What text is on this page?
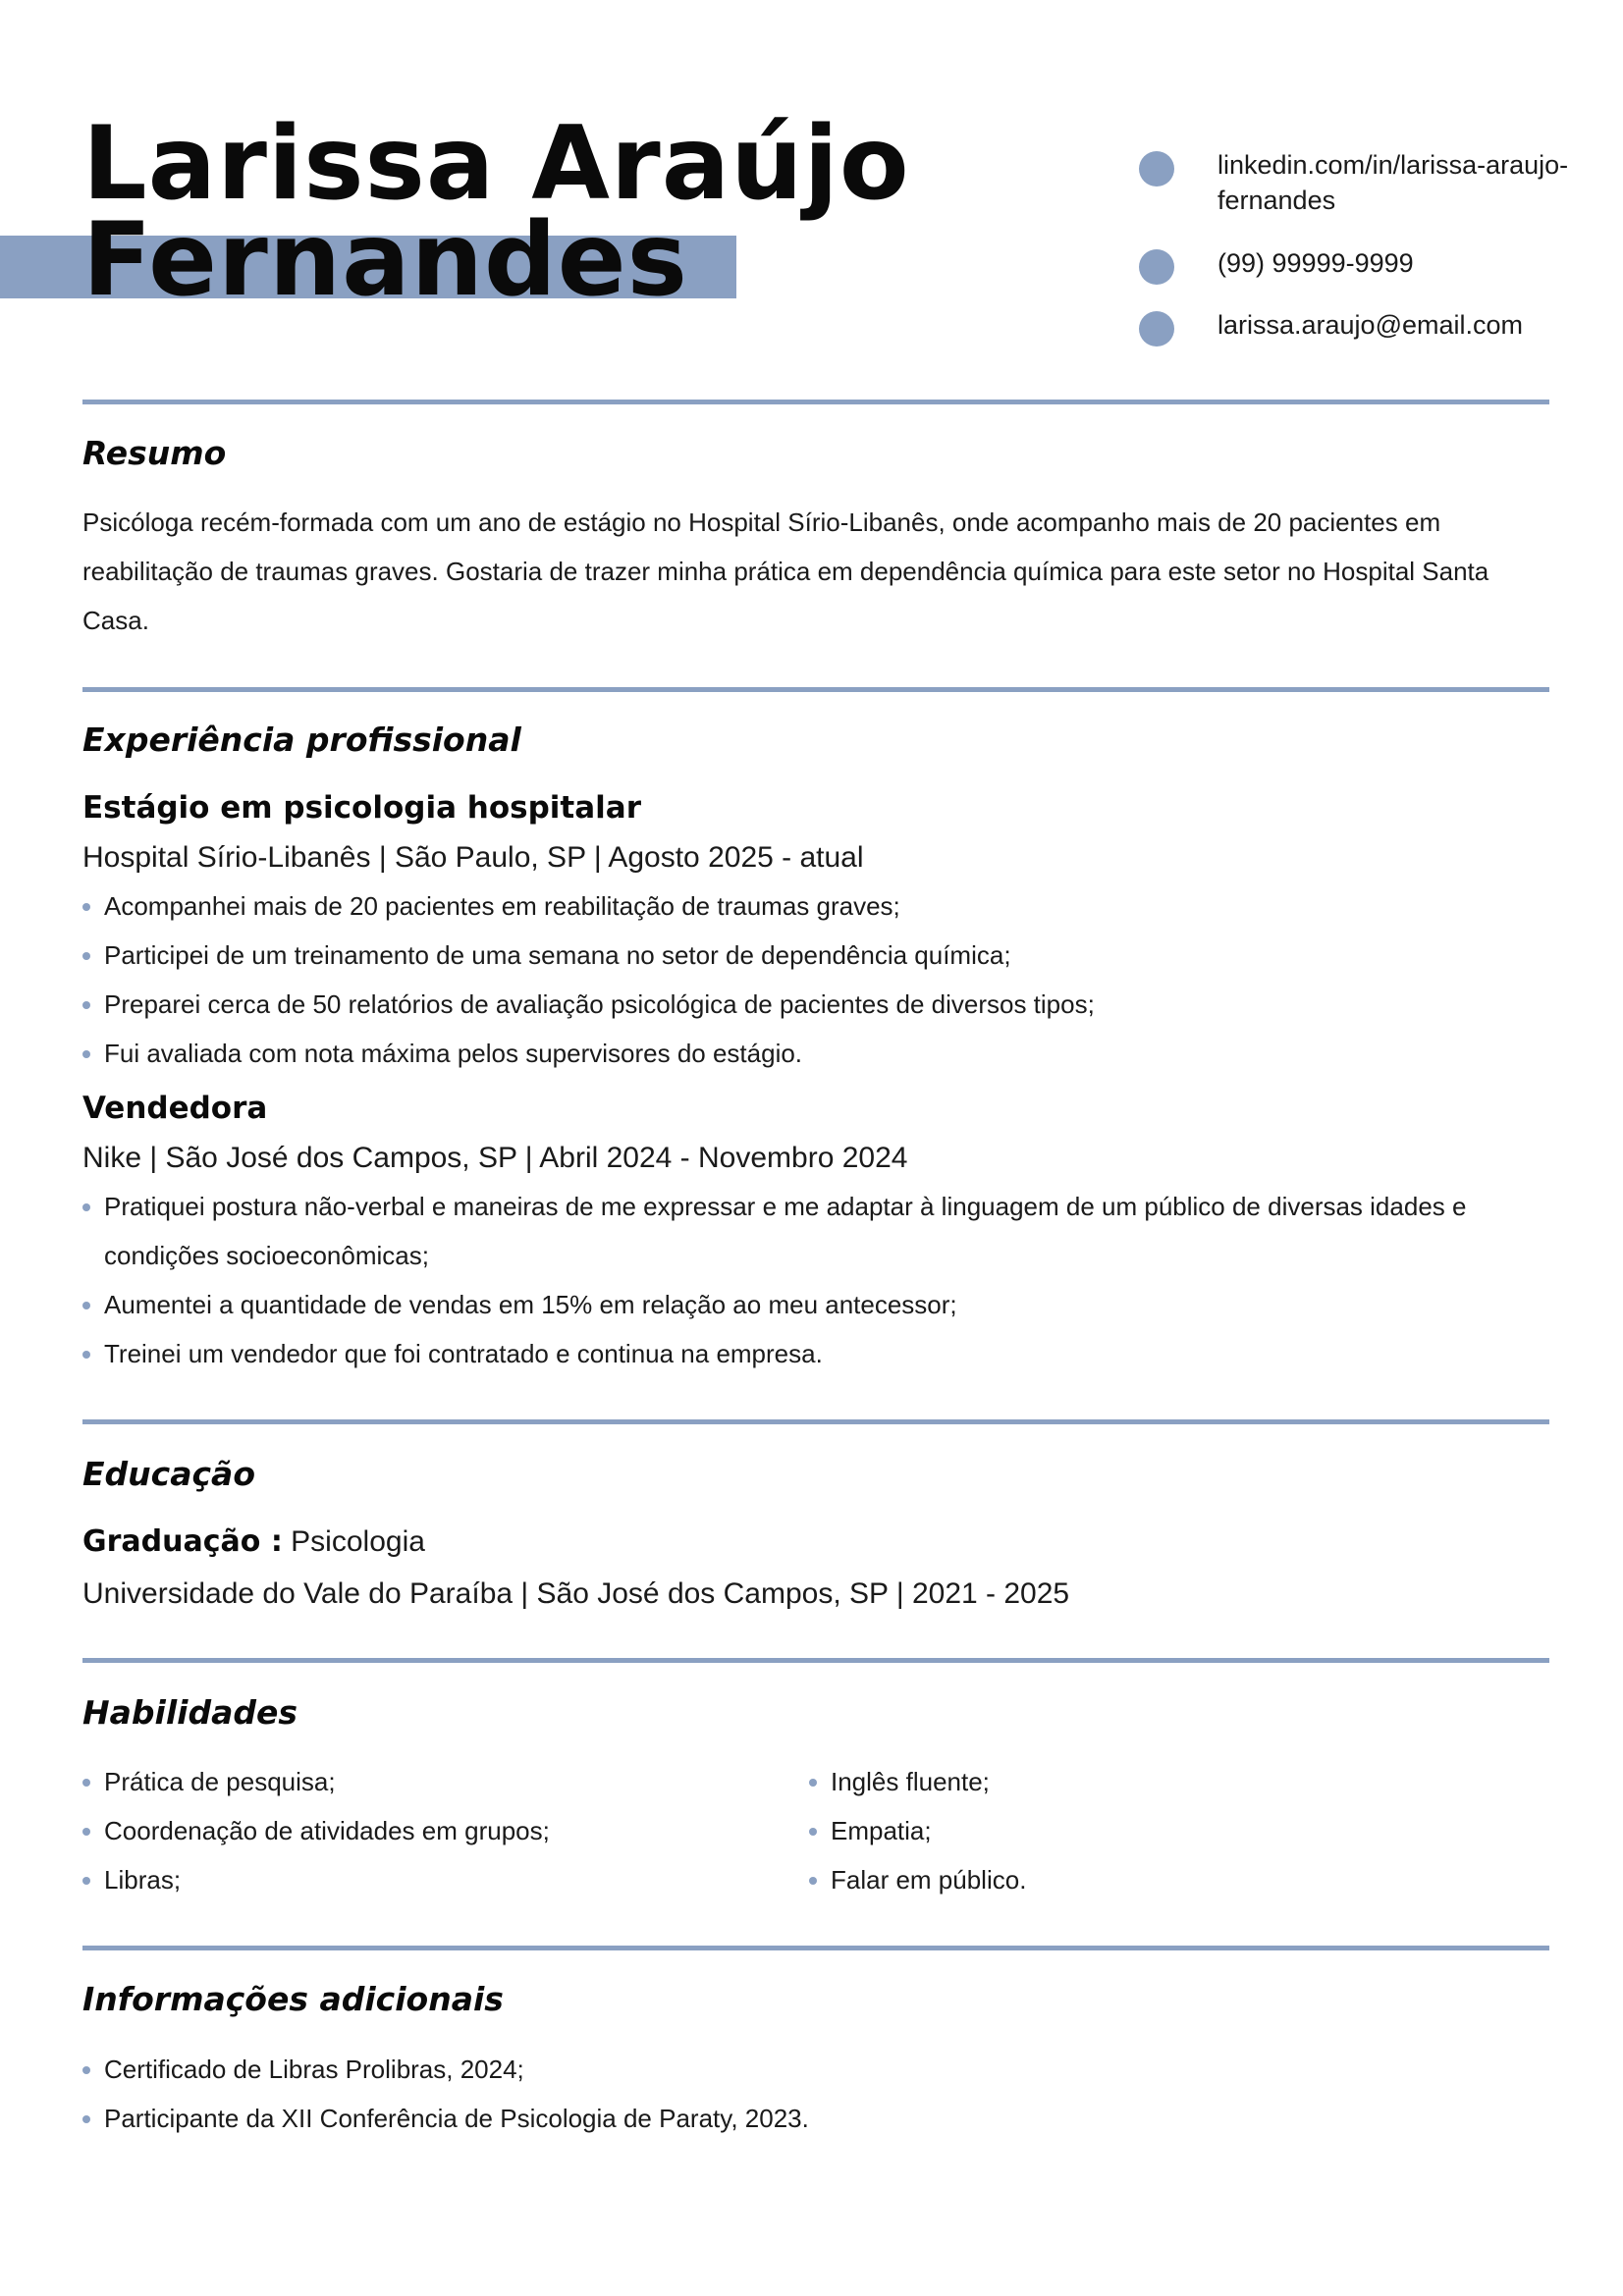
Larissa Araújo
Fernandes
linkedin.com/in/larissa-araujo-fernandes
(99) 99999-9999
larissa.araujo@email.com
Resumo

Psicóloga recém-formada com um ano de estágio no Hospital Sírio-Libanês, onde acompanho mais de 20 pacientes em reabilitação de traumas graves. Gostaria de trazer minha prática em dependência química para este setor no Hospital Santa Casa.

Experiência profissional
Estágio em psicologia hospitalar
Hospital Sírio-Libanês | São Paulo, SP | Agosto 2025 - atual
Acompanhei mais de 20 pacientes em reabilitação de traumas graves;
Participei de um treinamento de uma semana no setor de dependência química;
Preparei cerca de 50 relatórios de avaliação psicológica de pacientes de diversos tipos;
Fui avaliada com nota máxima pelos supervisores do estágio.
Vendedora
Nike | São José dos Campos, SP | Abril 2024 - Novembro 2024
Pratiquei postura não-verbal e maneiras de me expressar e me adaptar à linguagem de um público de diversas idades e condições socioeconômicas;
Aumentei a quantidade de vendas em 15% em relação ao meu antecessor;
Treinei um vendedor que foi contratado e continua na empresa.
Educação
Graduação : Psicologia
Universidade do Vale do Paraíba | São José dos Campos, SP | 2021 - 2025
Habilidades
Prática de pesquisa;
Coordenação de atividades em grupos;
Libras;
Inglês fluente;
Empatia;
Falar em público.
Informações adicionais
Certificado de Libras Prolibras, 2024;
Participante da XII Conferência de Psicologia de Paraty, 2023.
